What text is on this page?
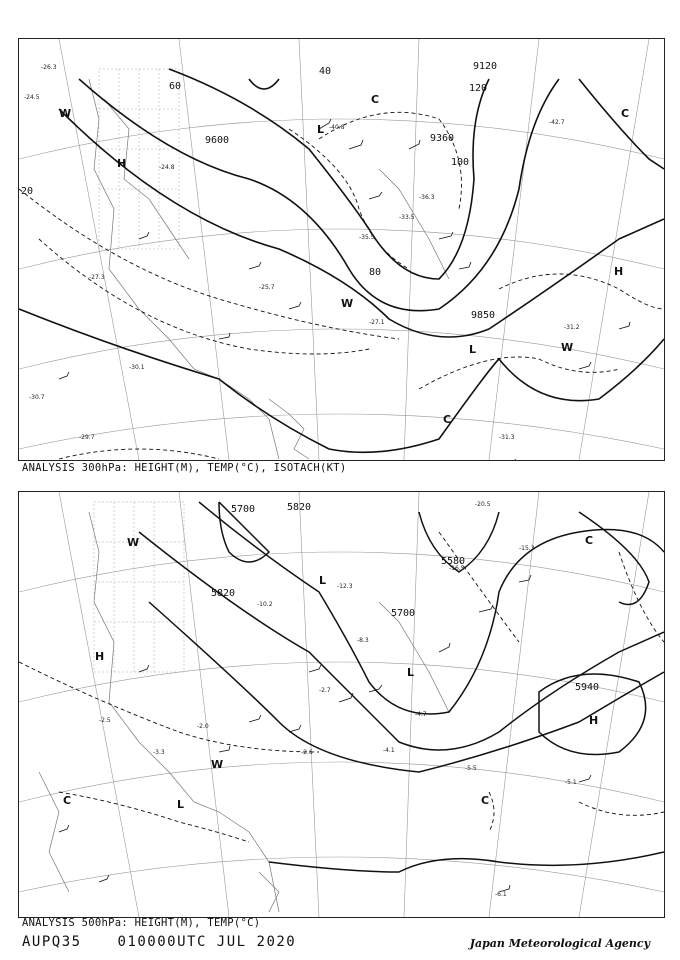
9120
9360
9600
9850
20
40
60
80
100
120
H
H
L
L
W
W
W
C
C
C
-26.3
-24.5
-27.3
-30.1
-31.3
-33.5
-35.5
-40.8
-42.7
-36.3
-27.1
-29.7
-31.2
-24.8
-30.7
-25.7
ANALYSIS 300hPa: HEIGHT(M), TEMP(°C), ISOTACH(KT)
5700	5820
5820
5580
5700
5940
H
H
L
L
L
W
W
C	C
C
-2.5
-2.0
-2.6
-3.3	-4.1
-5.5
-5.1
-6.1
-12.3
-15.3
-16.5
-20.5
-10.2
-8.3
-4.7
-2.7
ANALYSIS 500hPa: HEIGHT(M), TEMP(°C)
AUPQ35	010000UTC JUL 2020	Japan Meteorological Agency
